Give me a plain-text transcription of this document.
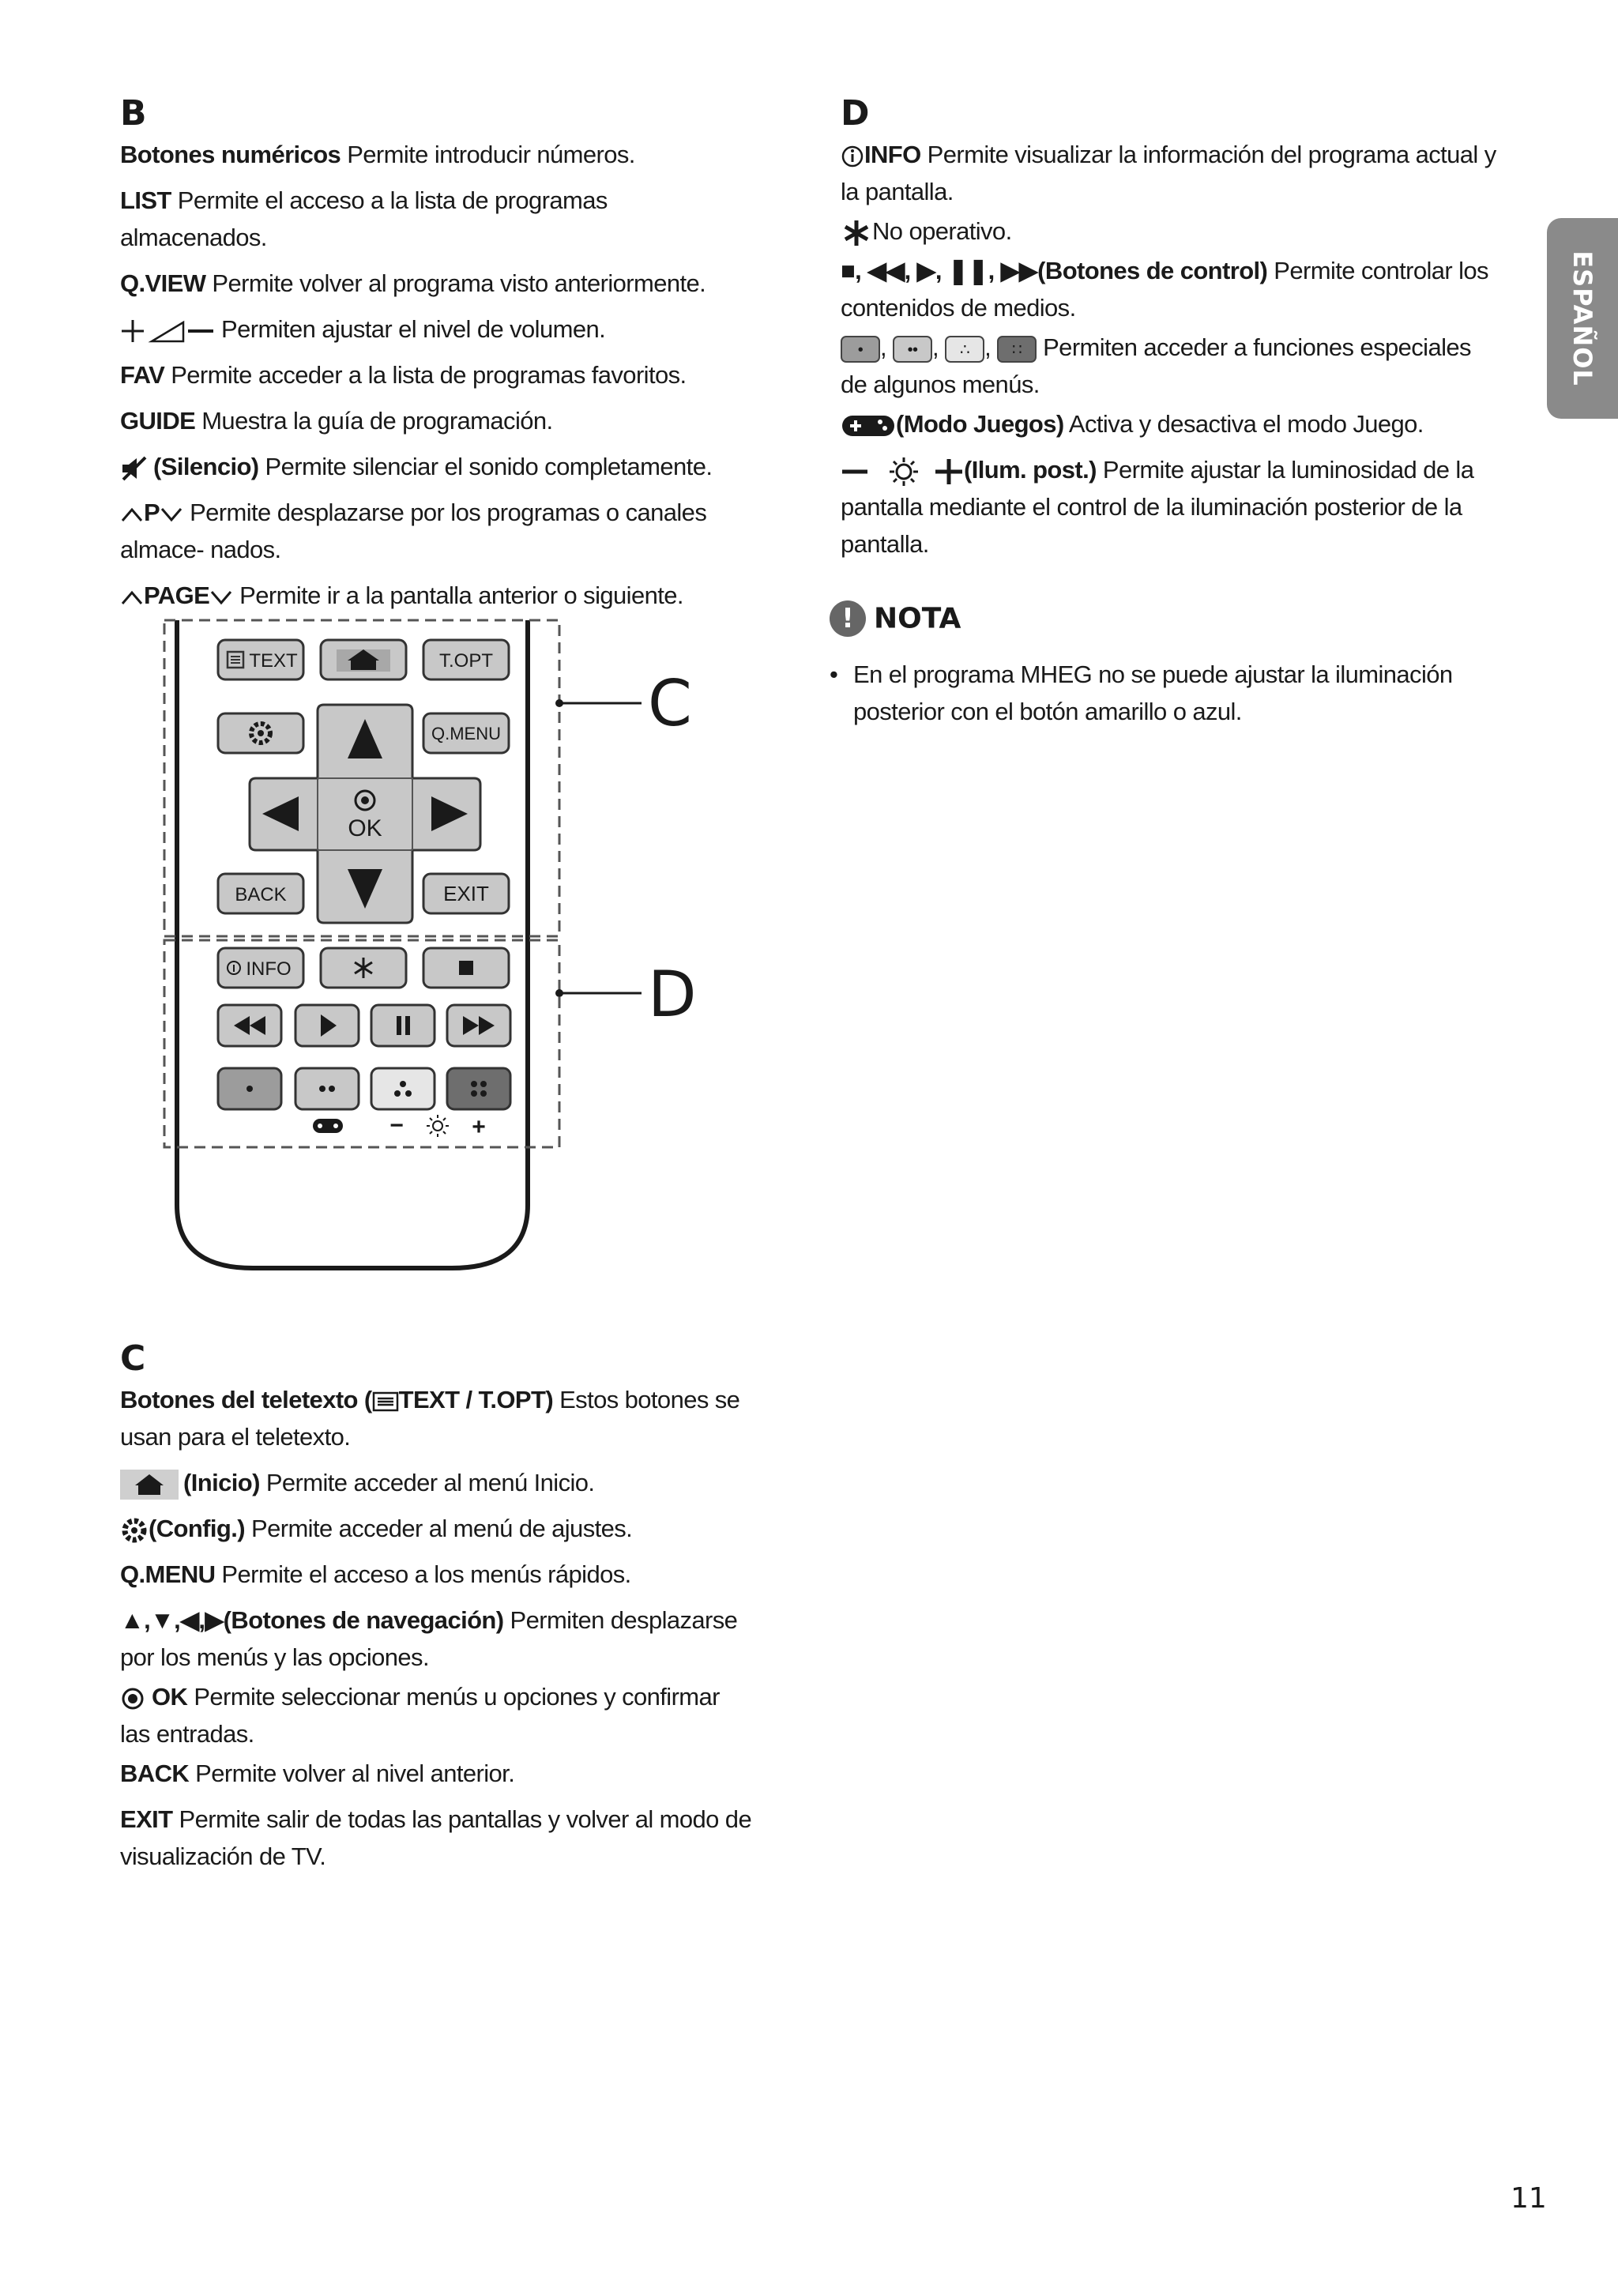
ESPAÑOL
B

Botones numéricos Permite introducir números.

LIST Permite el acceso a la lista de programas almacenados.

Q.VIEW Permite volver al programa visto anteriormente.

Permiten ajustar el nivel de volumen.

FAV Permite acceder a la lista de programas favoritos.

GUIDE Muestra la guía de programación.

(Silencio) Permite silenciar el sonido completamente.

P Permite desplazarse por los programas o canales almace- nados.

PAGE Permite ir a la pantalla anterior o siguiente.

C
D
TEXT	T.OPT
Q.MENU
OK
BACK	EXIT
INFO
−	+
C

Botones del teletexto ( TEXT / T.OPT) Estos botones se usan para el teletexto.

(Inicio) Permite acceder al menú Inicio.

(Config.) Permite acceder al menú de ajustes.

Q.MENU Permite el acceso a los menús rápidos.

▲,▼,◀,▶(Botones de navegación) Permiten desplazarse por los menús y las opciones.

OK Permite seleccionar menús u opciones y confirmar las entradas.

BACK Permite volver al nivel anterior.

EXIT Permite salir de todas las pantallas y volver al modo de visualización de TV.

D

INFO Permite visualizar la información del programa actual y la pantalla.

No operativo.

■, ◀◀, ▶, ❚❚, ▶▶(Botones de control) Permite controlar los contenidos de medios.

• , •• , ∴ , ∷ Permiten acceder a funciones especiales de algunos menús.

(Modo Juegos) Activa y desactiva el modo Juego.

(Ilum. post.) Permite ajustar la luminosidad de la pantalla mediante el control de la iluminación posterior de la pantalla.

! NOTA
• En el programa MHEG no se puede ajustar la iluminación posterior con el botón amarillo o azul.
11
